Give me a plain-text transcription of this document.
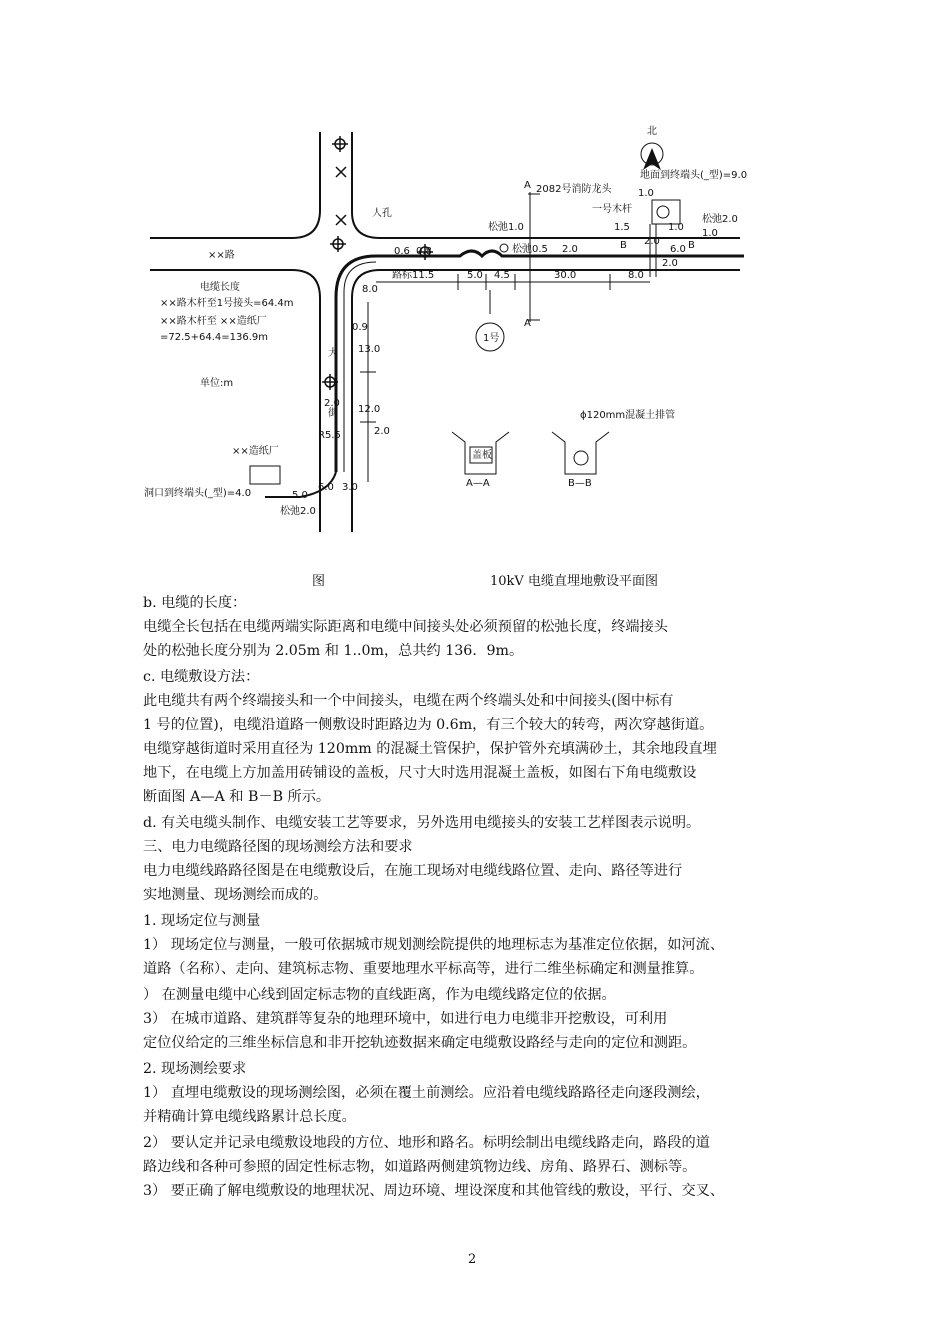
北
地面到终端头(_型)=9.0
2082号消防龙头
一号木杆
人孔
××路
大
街
电缆长度
××路木杆至1号接头=64.4m
××路木杆至 ××造纸厂
=72.5+64.4=136.9m
单位:m
××造纸厂
洞口到终端头(_型)=4.0
1号
ϕ120mm混凝土排管
盖板
松弛1.0
松弛0.5
松弛2.0
松弛2.0
路标11.5
A—A	B—B
A
A
B	B
0.6 0.8
5.0 4.5	30.0	8.0
2.0
1.0
1.5	1.0
2.0
6.0
8.0
0.9
13.0
2.0
12.0
2.0
R5.5
5.0
6.0 3.0
2.0
1.0
图	10kV 电缆直埋地敷设平面图
b. 电缆的长度：
电缆全长包括在电缆两端实际距离和电缆中间接头处必须预留的松弛长度，终端接头
处的松弛长度分别为 2.05m 和 1..0m，总共约 136．9m。
c. 电缆敷设方法：
此电缆共有两个终端接头和一个中间接头，电缆在两个终端头处和中间接头(图中标有
1 号的位置)，电缆沿道路一侧敷设时距路边为 0.6m，有三个较大的转弯，两次穿越街道。
电缆穿越街道时采用直径为 120mm 的混凝土管保护，保护管外充填满砂土，其余地段直埋
地下，在电缆上方加盖用砖铺设的盖板，尺寸大时选用混凝土盖板，如图右下角电缆敷设
断面图 A—A 和 B－B 所示。
d. 有关电缆头制作、电缆安装工艺等要求，另外选用电缆接头的安装工艺样图表示说明。
三、电力电缆路径图的现场测绘方法和要求
电力电缆线路路径图是在电缆敷设后，在施工现场对电缆线路位置、走向、路径等进行
实地测量、现场测绘而成的。
1. 现场定位与测量
1） 现场定位与测量，一般可依据城市规划测绘院提供的地理标志为基准定位依据，如河流、
道路（名称）、走向、建筑标志物、重要地理水平标高等，进行二维坐标确定和测量推算。
） 在测量电缆中心线到固定标志物的直线距离，作为电缆线路定位的依据。
3） 在城市道路、建筑群等复杂的地理环境中，如进行电力电缆非开挖敷设，可利用
定位仪给定的三维坐标信息和非开挖轨迹数据来确定电缆敷设路经与走向的定位和测距。
2. 现场测绘要求
1） 直埋电缆敷设的现场测绘图，必须在覆土前测绘。应沿着电缆线路路径走向逐段测绘，
并精确计算电缆线路累计总长度。
2） 要认定并记录电缆敷设地段的方位、地形和路名。标明绘制出电缆线路走向，路段的道
路边线和各种可参照的固定性标志物，如道路两侧建筑物边线、房角、路界石、测标等。
3） 要正确了解电缆敷设的地理状况、周边环境、埋设深度和其他管线的敷设，平行、交叉、
2
